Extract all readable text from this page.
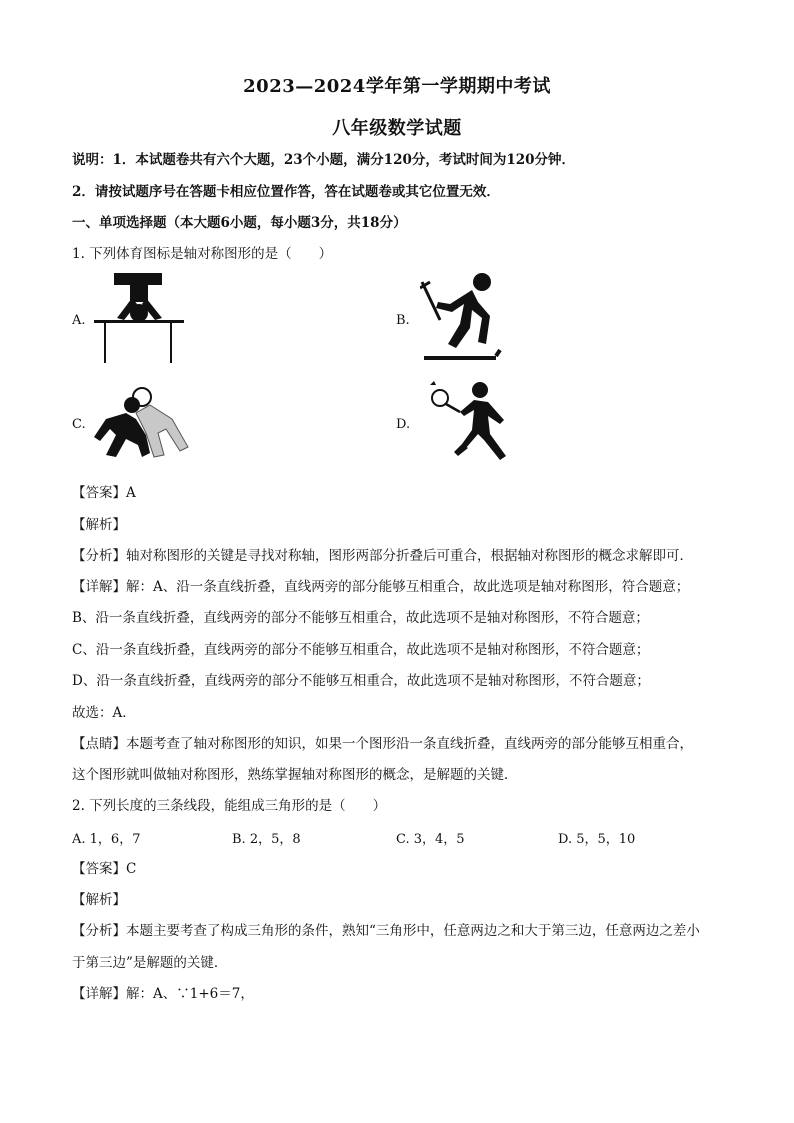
2023—2024学年第一学期期中考试
八年级数学试题
说明：1．本试题卷共有六个大题，23个小题，满分120分，考试时间为120分钟．
2．请按试题序号在答题卡相应位置作答，答在试题卷或其它位置无效．
一、单项选择题（本大题6小题，每小题3分，共18分）
1. 下列体育图标是轴对称图形的是（　　）
A.	B.
C.	D.
【答案】A
【解析】
【分析】轴对称图形的关键是寻找对称轴，图形两部分折叠后可重合，根据轴对称图形的概念求解即可．
【详解】解：A、沿一条直线折叠，直线两旁的部分能够互相重合，故此选项是轴对称图形，符合题意；
B、沿一条直线折叠，直线两旁的部分不能够互相重合，故此选项不是轴对称图形，不符合题意；
C、沿一条直线折叠，直线两旁的部分不能够互相重合，故此选项不是轴对称图形，不符合题意；
D、沿一条直线折叠，直线两旁的部分不能够互相重合，故此选项不是轴对称图形，不符合题意；
故选：A．
【点睛】本题考查了轴对称图形的知识，如果一个图形沿一条直线折叠，直线两旁的部分能够互相重合，
这个图形就叫做轴对称图形，熟练掌握轴对称图形的概念，是解题的关键．
2. 下列长度的三条线段，能组成三角形的是（　　）
A. 1，6，7	B. 2，5，8	C. 3，4，5	D. 5，5，10
【答案】C
【解析】
【分析】本题主要考查了构成三角形的条件，熟知“三角形中，任意两边之和大于第三边，任意两边之差小
于第三边”是解题的关键．
【详解】解：A、∵1+6＝7，
